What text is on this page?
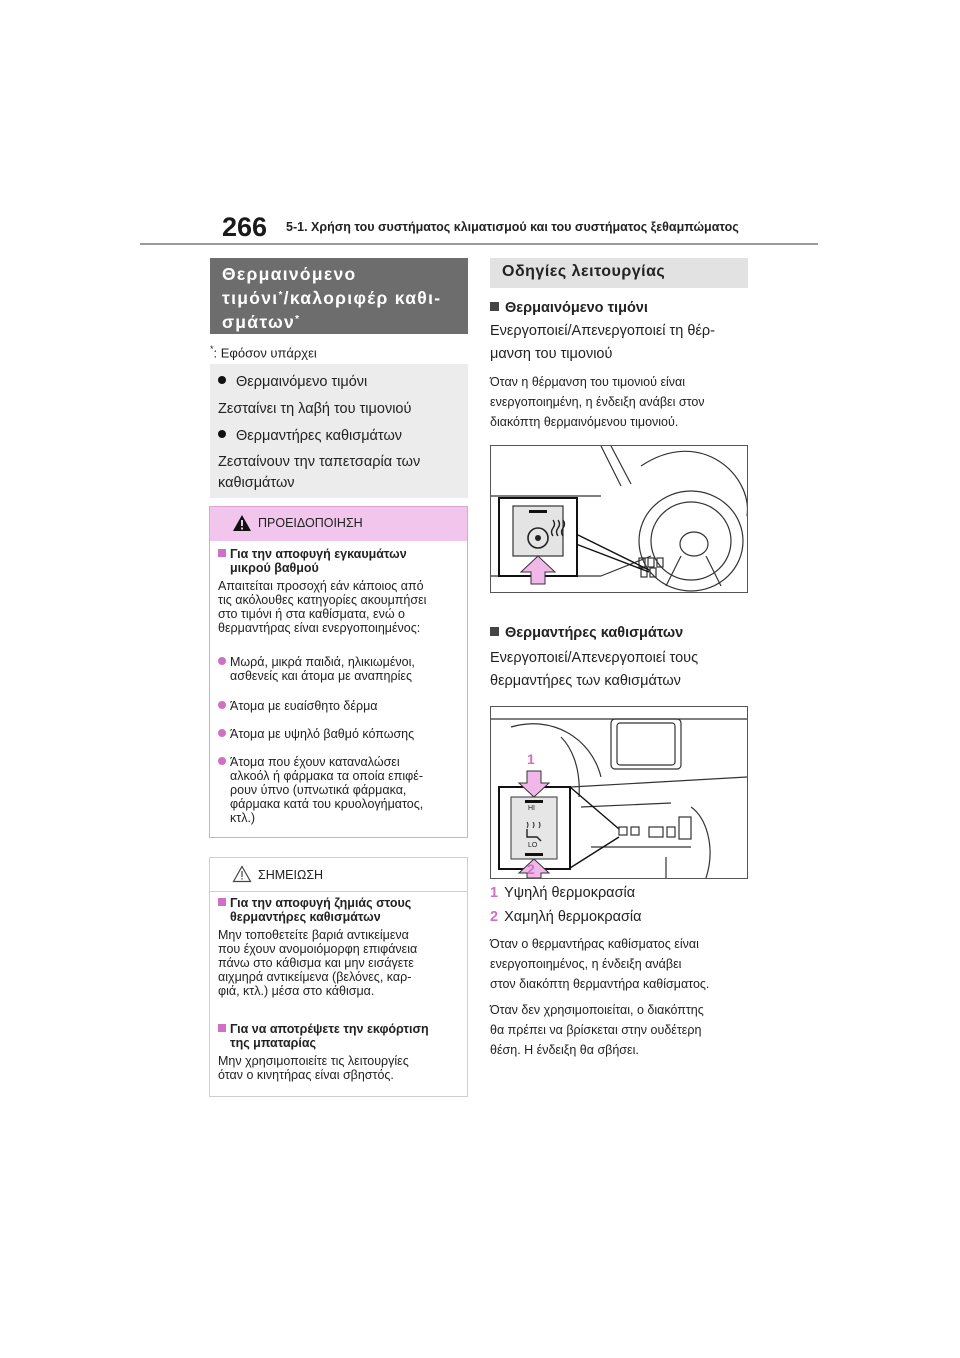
266 5-1. Χρήση του συστήματος κλιματισμού και του συστήματος ξεθαμπώματος
Θερμαινόμενο
τιμόνι*/καλοριφέρ καθι-
σμάτων*
*: Εφόσον υπάρχει
Θερμαινόμενο τιμόνι
Ζεσταίνει τη λαβή του τιμονιού
Θερμαντήρες καθισμάτων
Ζεσταίνουν την ταπετσαρία των
καθισμάτων
ΠΡΟΕΙΔΟΠΟΙΗΣΗ
Για την αποφυγή εγκαυμάτων
μικρού βαθμού
Απαιτείται προσοχή εάν κάποιος από
τις ακόλουθες κατηγορίες ακουμπήσει
στο τιμόνι ή στα καθίσματα, ενώ ο
θερμαντήρας είναι ενεργοποιημένος:
Μωρά, μικρά παιδιά, ηλικιωμένοι,
ασθενείς και άτομα με αναπηρίες
Άτομα με ευαίσθητο δέρμα
Άτομα με υψηλό βαθμό κόπωσης
Άτομα που έχουν καταναλώσει
αλκοόλ ή φάρμακα τα οποία επιφέ-
ρουν ύπνο (υπνωτικά φάρμακα,
φάρμακα κατά του κρυολογήματος,
κτλ.)
ΣΗΜΕΙΩΣΗ
Για την αποφυγή ζημιάς στους
θερμαντήρες καθισμάτων
Μην τοποθετείτε βαριά αντικείμενα
που έχουν ανομοιόμορφη επιφάνεια
πάνω στο κάθισμα και μην εισάγετε
αιχμηρά αντικείμενα (βελόνες, καρ-
φιά, κτλ.) μέσα στο κάθισμα.
Για να αποτρέψετε την εκφόρτιση
της μπαταρίας
Μην χρησιμοποιείτε τις λειτουργίες
όταν ο κινητήρας είναι σβηστός.
Οδηγίες λειτουργίας
Θερμαινόμενο τιμόνι
Ενεργοποιεί/Απενεργοποιεί τη θέρ-
μανση του τιμονιού
Όταν η θέρμανση του τιμονιού είναι
ενεργοποιημένη, η ένδειξη ανάβει στον
διακόπτη θερμαινόμενου τιμονιού.
Θερμαντήρες καθισμάτων
Ενεργοποιεί/Απενεργοποιεί τους
θερμαντήρες των καθισμάτων
1
2
HI
LO
1 Υψηλή θερμοκρασία
2 Χαμηλή θερμοκρασία
Όταν ο θερμαντήρας καθίσματος είναι
ενεργοποιημένος, η ένδειξη ανάβει
στον διακόπτη θερμαντήρα καθίσματος.
Όταν δεν χρησιμοποιείται, ο διακόπτης
θα πρέπει να βρίσκεται στην ουδέτερη
θέση. Η ένδειξη θα σβήσει.
